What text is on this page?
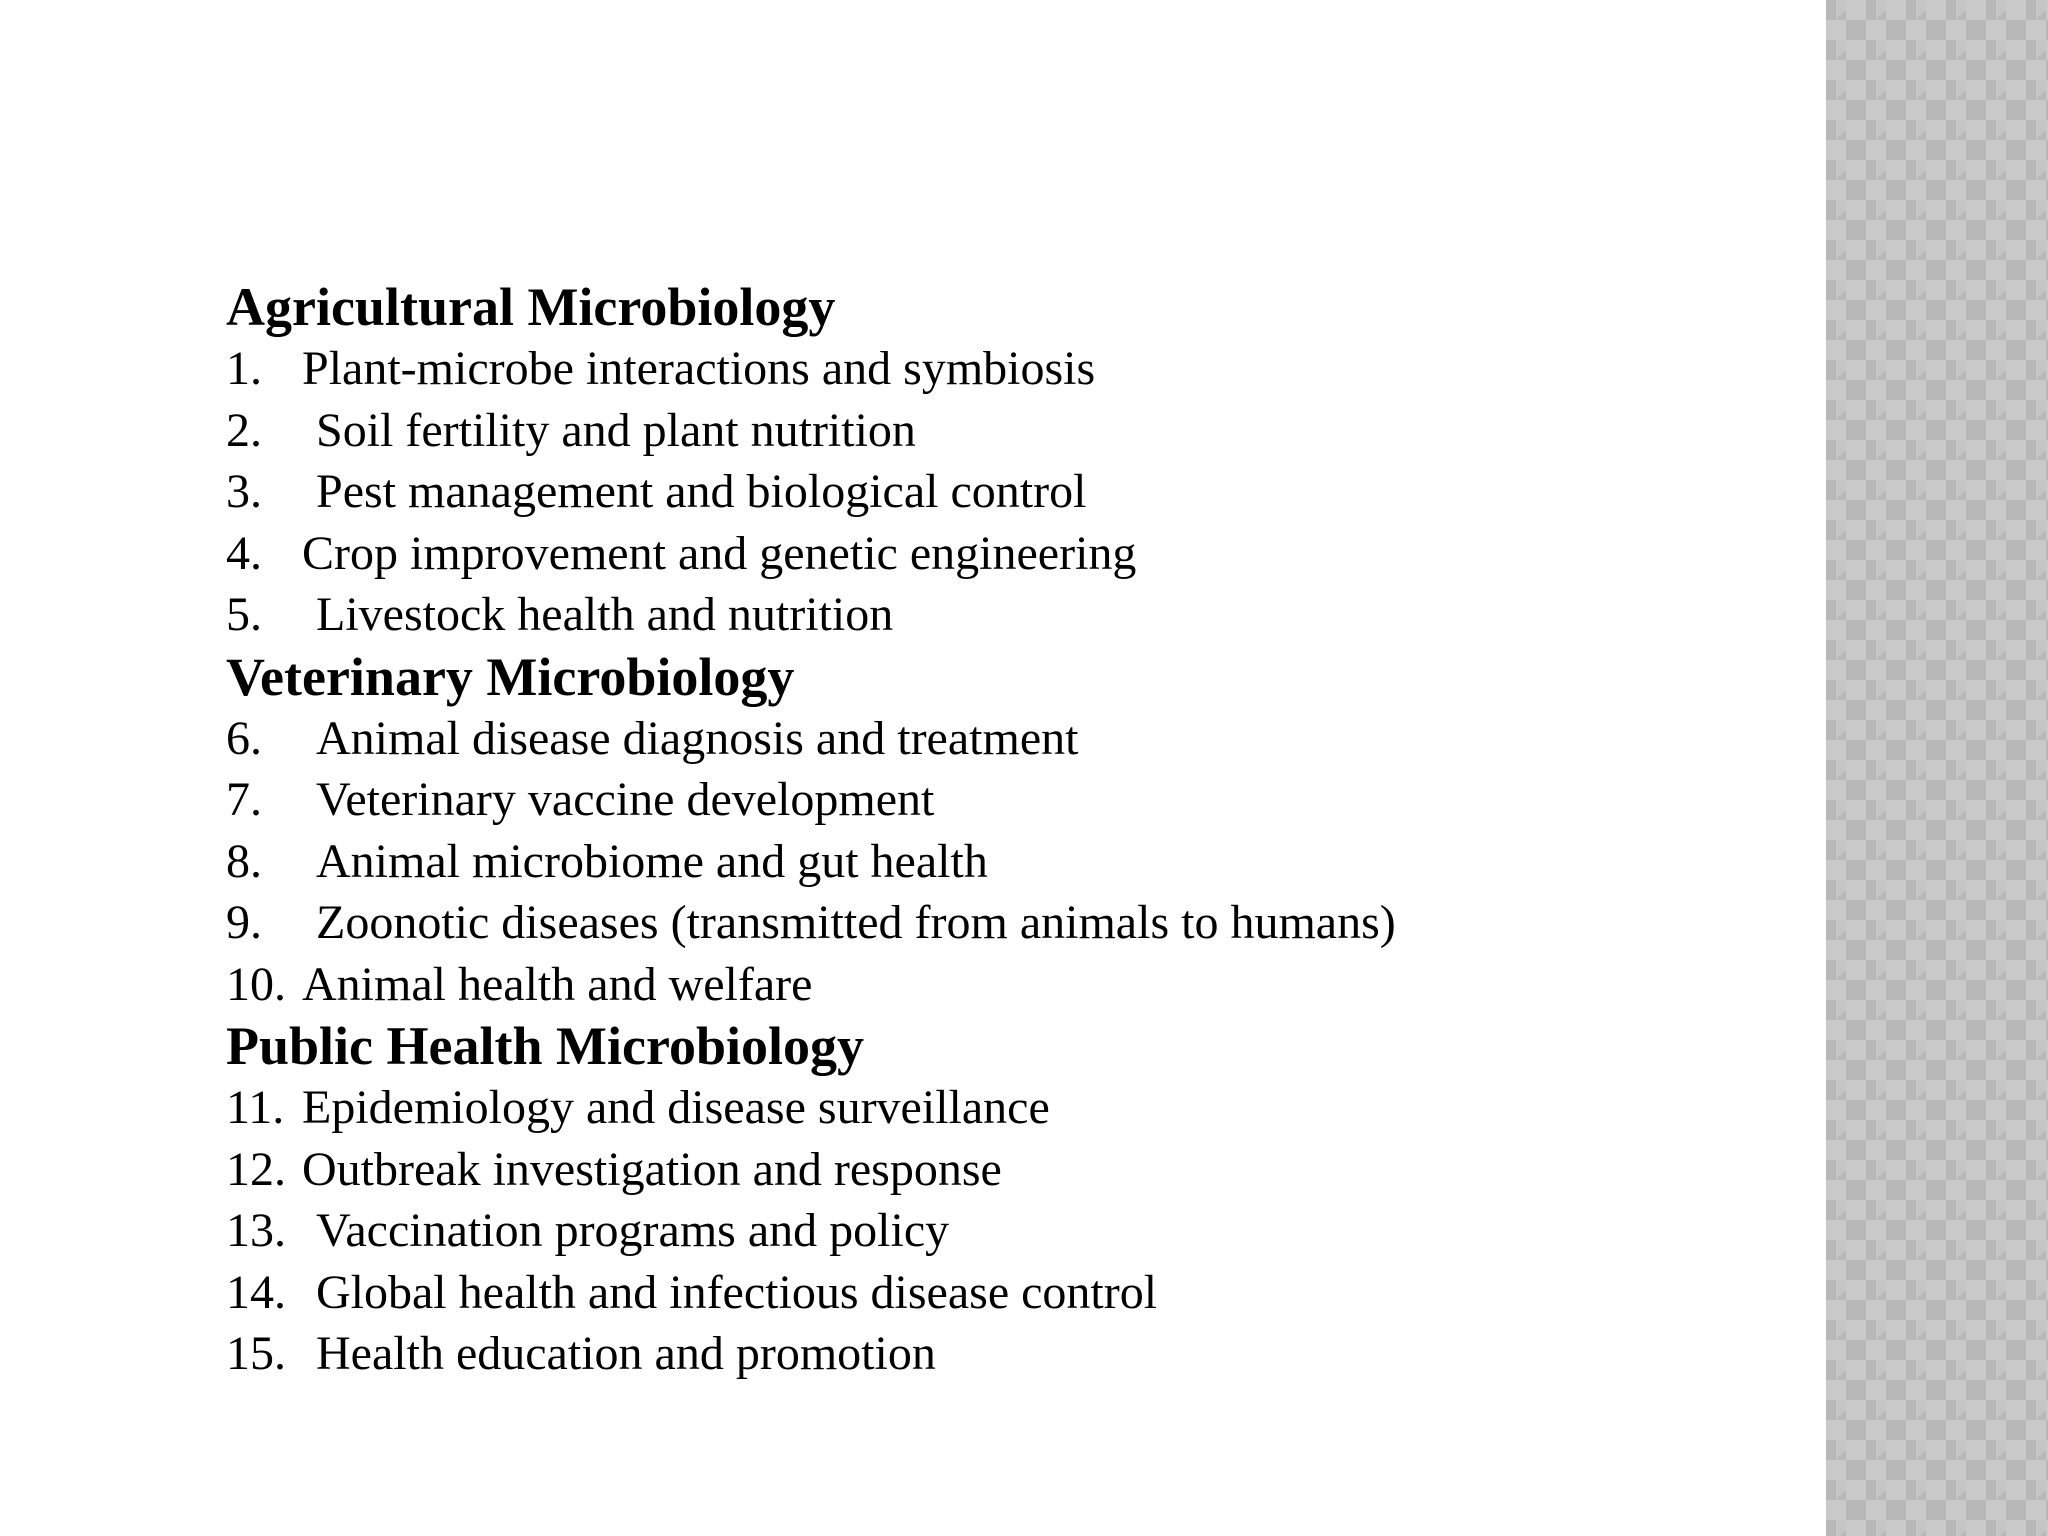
Agricultural Microbiology
1. Plant-microbe interactions and symbiosis
2. Soil fertility and plant nutrition
3. Pest management and biological control
4. Crop improvement and genetic engineering
5. Livestock health and nutrition
Veterinary Microbiology
6. Animal disease diagnosis and treatment
7. Veterinary vaccine development
8. Animal microbiome and gut health
9. Zoonotic diseases (transmitted from animals to humans)
10. Animal health and welfare
Public Health Microbiology
11. Epidemiology and disease surveillance
12. Outbreak investigation and response
13. Vaccination programs and policy
14. Global health and infectious disease control
15. Health education and promotion
